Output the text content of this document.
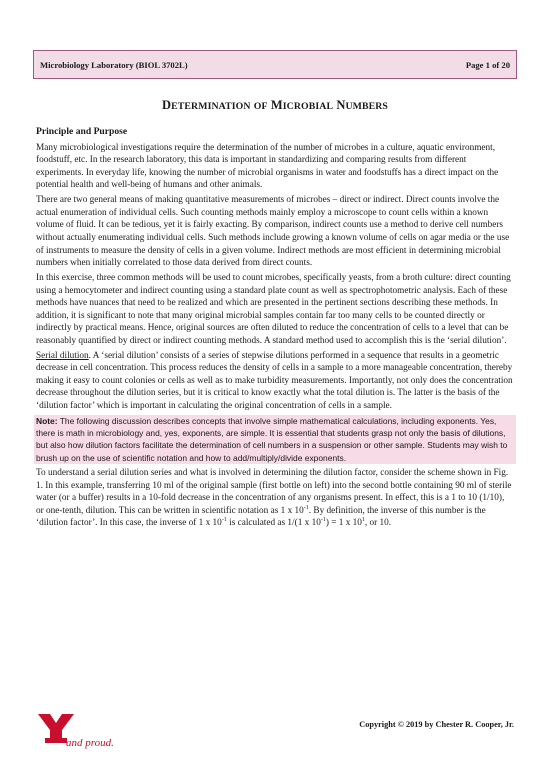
Microbiology Laboratory (BIOL 3702L)	Page 1 of 20
DETERMINATION OF MICROBIAL NUMBERS
Principle and Purpose

Many microbiological investigations require the determination of the number of microbes in a culture, aquatic environment, foodstuff, etc. In the research laboratory, this data is important in standardizing and comparing results from different experiments. In everyday life, knowing the number of microbial organisms in water and foodstuffs has a direct impact on the potential health and well-being of humans and other animals.

There are two general means of making quantitative measurements of microbes – direct or indirect. Direct counts involve the actual enumeration of individual cells. Such counting methods mainly employ a microscope to count cells within a known volume of fluid. It can be tedious, yet it is fairly exacting. By comparison, indirect counts use a method to derive cell numbers without actually enumerating individual cells. Such methods include growing a known volume of cells on agar media or the use of instruments to measure the density of cells in a given volume. Indirect methods are most efficient in determining microbial numbers when initially correlated to those data derived from direct counts.

In this exercise, three common methods will be used to count microbes, specifically yeasts, from a broth culture: direct counting using a hemocytometer and indirect counting using a standard plate count as well as spectrophotometric analysis. Each of these methods have nuances that need to be realized and which are presented in the pertinent sections describing these methods. In addition, it is significant to note that many original microbial samples contain far too many cells to be counted directly or indirectly by practical means. Hence, original sources are often diluted to reduce the concentration of cells to a level that can be reasonably quantified by direct or indirect counting methods. A standard method used to accomplish this is the ‘serial dilution’.

Serial dilution. A ‘serial dilution’ consists of a series of stepwise dilutions performed in a sequence that results in a geometric decrease in cell concentration. This process reduces the density of cells in a sample to a more manageable concentration, thereby making it easy to count colonies or cells as well as to make turbidity measurements. Importantly, not only does the concentration decrease throughout the dilution series, but it is critical to know exactly what the total dilution is. The latter is the basis of the ‘dilution factor’ which is important in calculating the original concentration of cells in a sample.

Note: The following discussion describes concepts that involve simple mathematical calculations, including exponents. Yes, there is math in microbiology and, yes, exponents, are simple. It is essential that students grasp not only the basis of dilutions, but also how dilution factors facilitate the determination of cell numbers in a suspension or other sample. Students may wish to brush up on the use of scientific notation and how to add/multiply/divide exponents.

To understand a serial dilution series and what is involved in determining the dilution factor, consider the scheme shown in Fig. 1. In this example, transferring 10 ml of the original sample (first bottle on left) into the second bottle containing 90 ml of sterile water (or a buffer) results in a 10-fold decrease in the concentration of any organisms present. In effect, this is a 1 to 10 (1/10), or one-tenth, dilution. This can be written in scientific notation as 1 x $10^{-1}$. By definition, the inverse of this number is the ‘dilution factor’. In this case, the inverse of 1 x $10^{-1}$ is calculated as 1/(1 x $10^{-1}) = 1$ x $10^1$, or 10.

and proud.
Copyright © 2019 by Chester R. Cooper, Jr.
